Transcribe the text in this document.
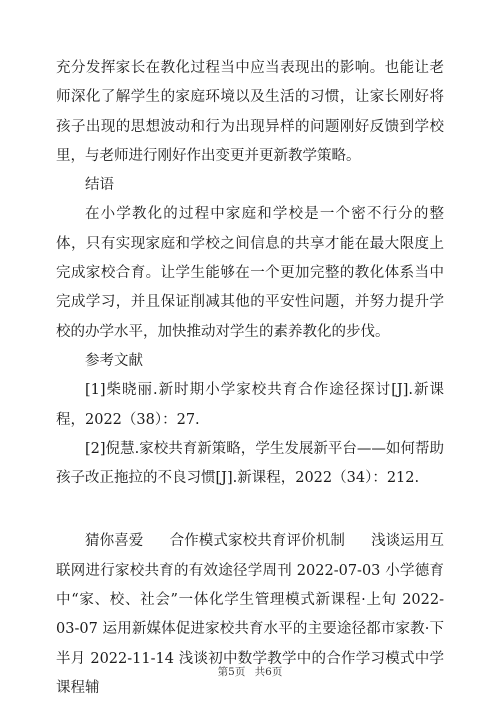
充分发挥家长在教化过程当中应当表现出的影响。也能让老师深化了解学生的家庭环境以及生活的习惯，让家长刚好将孩子出现的思想波动和行为出现异样的问题刚好反馈到学校里，与老师进行刚好作出变更并更新教学策略。

结语

在小学教化的过程中家庭和学校是一个密不行分的整体，只有实现家庭和学校之间信息的共享才能在最大限度上完成家校合育。让学生能够在一个更加完整的教化体系当中完成学习，并且保证削减其他的平安性问题，并努力提升学校的办学水平，加快推动对学生的素养教化的步伐。

参考文献

[1]柴晓丽.新时期小学家校共育合作途径探讨[J].新课程，2022（38）：27.

[2]倪慧.家校共育新策略，学生发展新平台——如何帮助孩子改正拖拉的不良习惯[J].新课程，2022（34）：212.

猜你喜爱 合作模式家校共育评价机制 浅谈运用互联网进行家校共育的有效途径学周刊 2022-07-03 小学德育中“家、校、社会”一体化学生管理模式新课程·上旬 2022-03-07 运用新媒体促进家校共育水平的主要途径都市家教·下半月 2022-11-14 浅谈初中数学教学中的合作学习模式中学课程辅

第5页 共6页
